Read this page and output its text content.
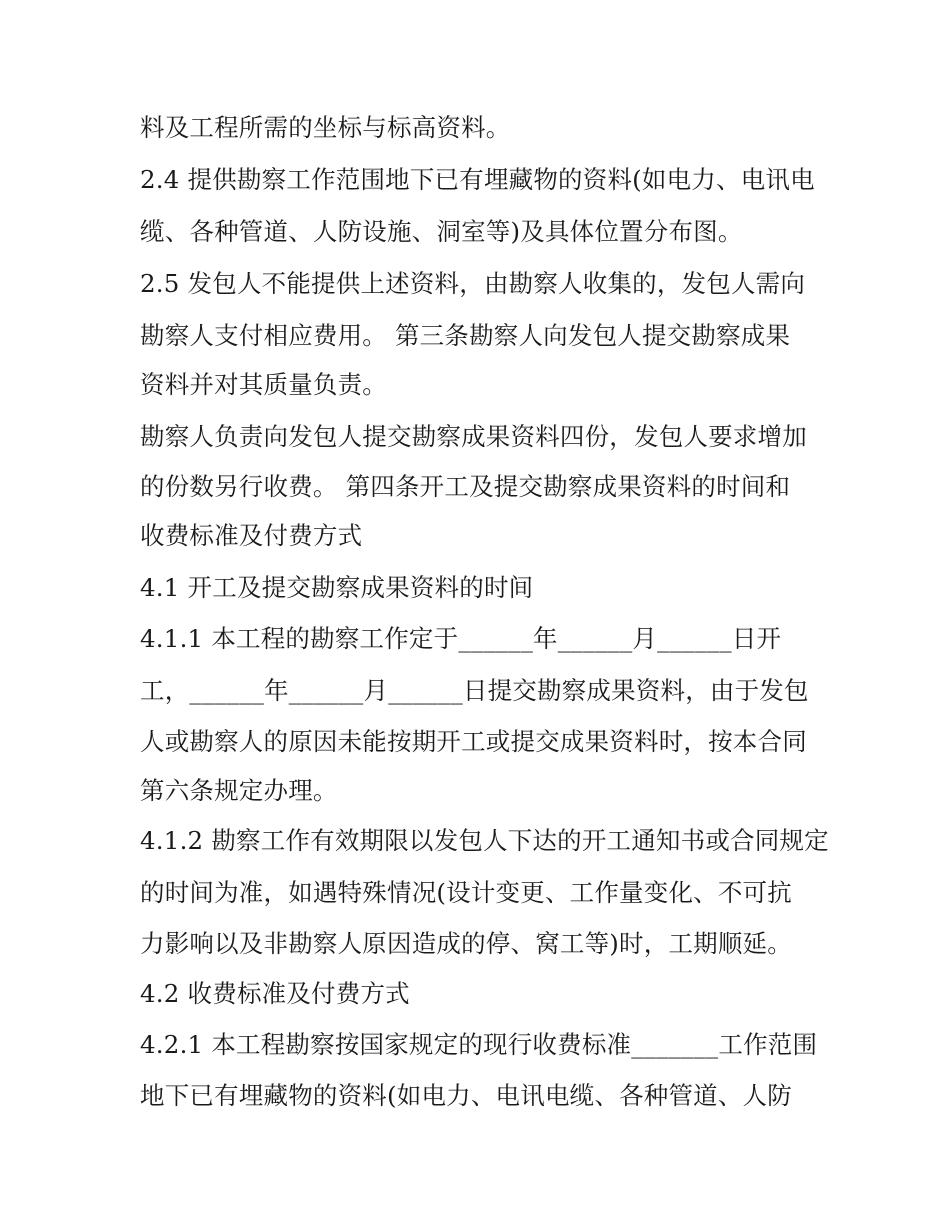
料及工程所需的坐标与标高资料。
2.4 提供勘察工作范围地下已有埋藏物的资料(如电力、电讯电
缆、各种管道、人防设施、洞室等)及具体位置分布图。
2.5 发包人不能提供上述资料，由勘察人收集的，发包人需向
勘察人支付相应费用。 第三条勘察人向发包人提交勘察成果
资料并对其质量负责。
勘察人负责向发包人提交勘察成果资料四份，发包人要求增加
的份数另行收费。 第四条开工及提交勘察成果资料的时间和
收费标准及付费方式
4.1 开工及提交勘察成果资料的时间
4.1.1 本工程的勘察工作定于______年______月______日开
工，______年______月______日提交勘察成果资料，由于发包
人或勘察人的原因未能按期开工或提交成果资料时，按本合同
第六条规定办理。
4.1.2 勘察工作有效期限以发包人下达的开工通知书或合同规定
的时间为准，如遇特殊情况(设计变更、工作量变化、不可抗
力影响以及非勘察人原因造成的停、窝工等)时，工期顺延。
4.2 收费标准及付费方式
4.2.1 本工程勘察按国家规定的现行收费标准_______工作范围
地下已有埋藏物的资料(如电力、电讯电缆、各种管道、人防
